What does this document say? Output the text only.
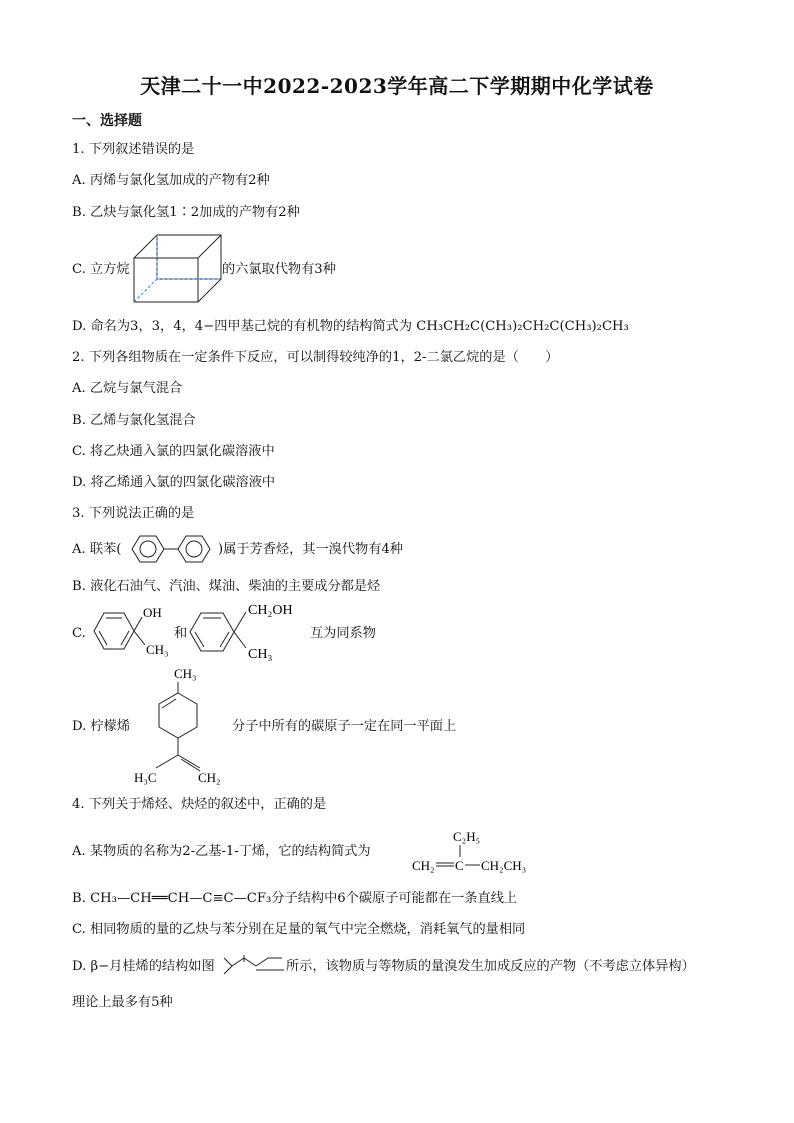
天津二十一中2022-2023学年高二下学期期中化学试卷
一、选择题
1. 下列叙述错误的是
A. 丙烯与氯化氢加成的产物有2种
B. 乙炔与氯化氢1∶2加成的产物有2种
C. 立方烷	的六氯取代物有3种
D. 命名为3，3，4，4−四甲基己烷的有机物的结构简式为 CH₃CH₂C(CH₃)₂CH₂C(CH₃)₂CH₃
2. 下列各组物质在一定条件下反应，可以制得较纯净的1，2-二氯乙烷的是（　　）
A. 乙烷与氯气混合
B. 乙烯与氯化氢混合
C. 将乙炔通入氯的四氯化碳溶液中
D. 将乙烯通入氯的四氯化碳溶液中
3. 下列说法正确的是
A. 联苯(	)属于芳香烃，其一溴代物有4种
B. 液化石油气、汽油、煤油、柴油的主要成分都是烃
C.
OH
CH₃
和
CH₂OH
CH₃
互为同系物
D. 柠檬烯
CH₃
H₃C	CH₂
分子中所有的碳原子一定在同一平面上
4. 下列关于烯烃、炔烃的叙述中，正确的是
A. 某物质的名称为2-乙基-1-丁烯，它的结构简式为
C₂H₅
CH₂ C CH₂CH₃
B. CH₃—CH══CH—C≡C—CF₃分子结构中6个碳原子可能都在一条直线上
C. 相同物质的量的乙炔与苯分别在足量的氧气中完全燃烧，消耗氧气的量相同
D. β−月桂烯的结构如图	所示，该物质与等物质的量溴发生加成反应的产物（不考虑立体异构）
理论上最多有5种
